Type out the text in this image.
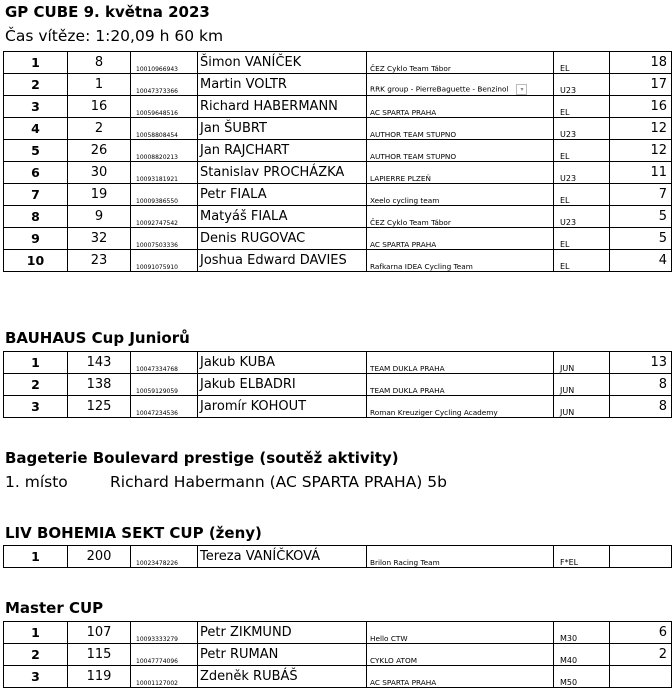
GP CUBE 9. května 2023
Čas vítěze: 1:20,09 h 60 km
1	8	10010966943	Šimon VANÍČEK	ČEZ Cyklo Team Tábor	EL	18
2	1	10047373366	Martin VOLTR	RRK group - PierreBaguette - Benzinol ▾	U23	17
3	16	10059648516	Richard HABERMANN	AC SPARTA PRAHA	EL	16
4	2	10058808454	Jan ŠUBRT	AUTHOR TEAM STUPNO	U23	12
5	26	10008820213	Jan RAJCHART	AUTHOR TEAM STUPNO	EL	12
6	30	10093181921	Stanislav PROCHÁZKA	LAPIERRE PLZEŇ	U23	11
7	19	10009386550	Petr FIALA	Xeelo cycling team	EL	7
8	9	10092747542	Matyáš FIALA	ČEZ Cyklo Team Tábor	U23	5
9	32	10007503336	Denis RUGOVAC	AC SPARTA PRAHA	EL	5
10	23	10091075910	Joshua Edward DAVIES	Rafkarna IDEA Cycling Team	EL	4
BAUHAUS Cup Juniorů
1	143	10047334768	Jakub KUBA	TEAM DUKLA PRAHA	JUN	13
2	138	10059129059	Jakub ELBADRI	TEAM DUKLA PRAHA	JUN	8
3	125	10047234536	Jaromír KOHOUT	Roman Kreuziger Cycling Academy	JUN	8
Bageterie Boulevard prestige (soutěž aktivity)
1. místo	Richard Habermann (AC SPARTA PRAHA) 5b
LIV BOHEMIA SEKT CUP (ženy)
1	200	10023478226	Tereza VANÍČKOVÁ	Brilon Racing Team	F*EL	
Master CUP
1	107	10093333279	Petr ZIKMUND	Hello CTW	M30	6
2	115	10047774096	Petr RUMAN	CYKLO ATOM	M40	2
3	119	10001127002	Zdeněk RUBÁŠ	AC SPARTA PRAHA	M50	
